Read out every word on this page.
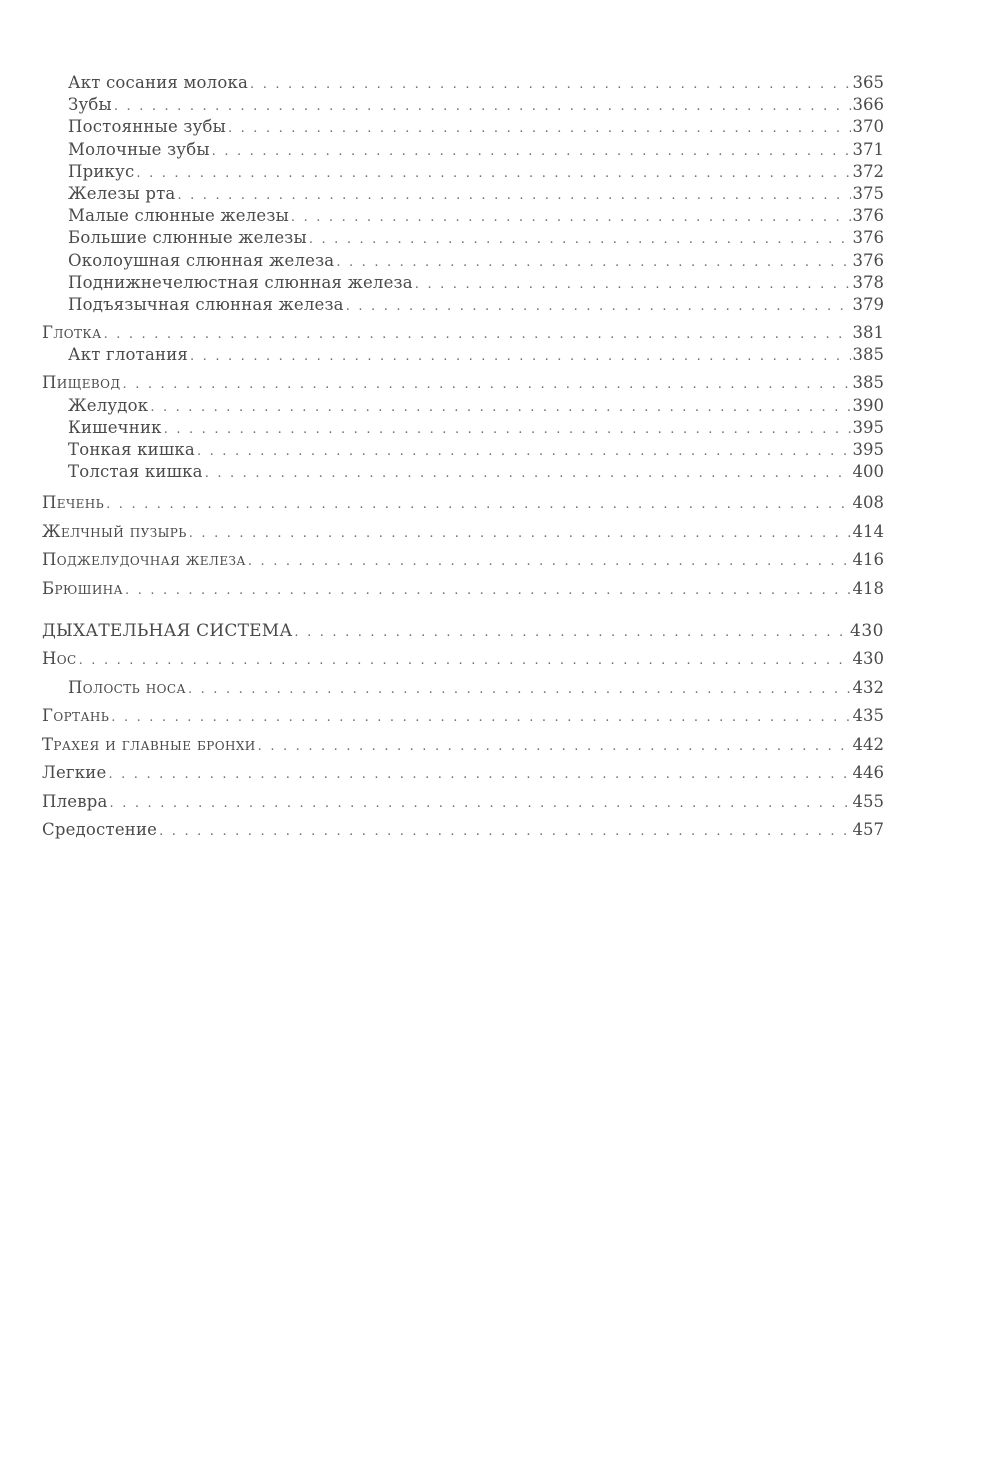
Акт сосания молока . . .	365
Зубы . . .	366
Постоянные зубы . . .	370
Молочные зубы . . .	371
Прикус . . .	372
Железы рта . . .	375
Малые слюнные железы . . .	376
Большие слюнные железы . . .	376
Околоушная слюнная железа . . .	376
Поднижнечелюстная слюнная железа . . .	378
Подъязычная слюнная железа . . .	379
Глотка . . .	381
Акт глотания . . .	385
Пищевод . . .	385
Желудок . . .	390
Кишечник . . .	395
Тонкая кишка . . .	395
Толстая кишка . . .	400
Печень . . .	408
Желчный пузырь . . .	414
Поджелудочная железа . . .	416
Брюшина . . .	418
ДЫХАТЕЛЬНАЯ СИСТЕМА . . .	430
Нос . . .	430
Полость носа . . .	432
Гортань . . .	435
Трахея и главные бронхи . . .	442
Легкие . . .	446
Плевра . . .	455
Средостение . . .	457
